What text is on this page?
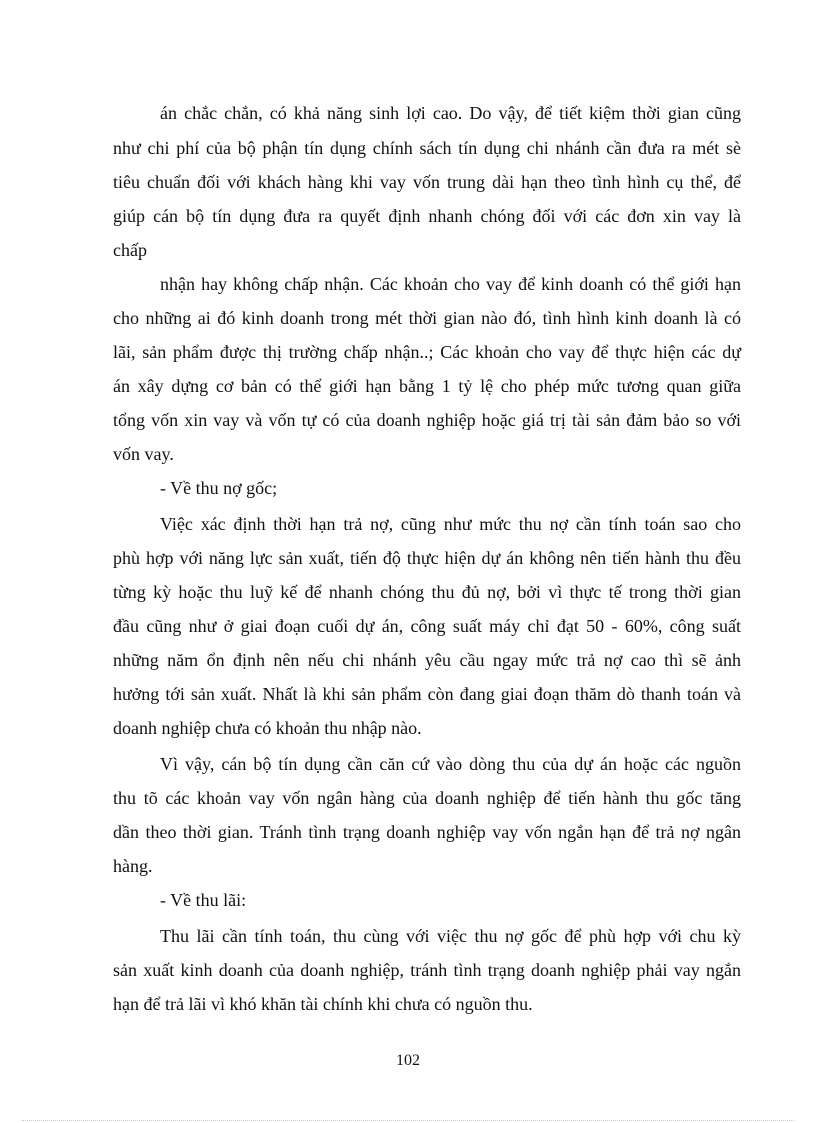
án chắc chắn, có khả năng sinh lợi cao. Do vậy, để tiết kiệm thời gian cũng
như chi phí của bộ phận tín dụng chính sách tín dụng chi nhánh cần đưa ra mét sè
tiêu chuẩn đối với khách hàng khi vay vốn trung dài hạn theo tình hình cụ thể, để
giúp cán bộ tín dụng đưa ra quyết định nhanh chóng đối với các đơn xin vay là
chấp
nhận hay không chấp nhận. Các khoản cho vay để kinh doanh có thể giới hạn
cho những ai đó kinh doanh trong mét thời gian nào đó, tình hình kinh doanh là có
lãi, sản phẩm được thị trường chấp nhận..; Các khoản cho vay để thực hiện các dự
án xây dựng cơ bản có thể giới hạn bằng 1 tỷ lệ cho phép mức tương quan giữa
tổng vốn xin vay và vốn tự có của doanh nghiệp hoặc giá trị tài sản đảm bảo so với
vốn vay.
- Về thu nợ gốc;
Việc xác định thời hạn trả nợ, cũng như mức thu nợ cần tính toán sao cho
phù hợp với năng lực sản xuất, tiến độ thực hiện dự án không nên tiến hành thu đều
từng kỳ hoặc thu luỹ kế để nhanh chóng thu đủ nợ, bởi vì thực tế trong thời gian
đầu cũng như ở giai đoạn cuối dự án, công suất máy chỉ đạt 50 - 60%, công suất
những năm ổn định nên nếu chi nhánh yêu cầu ngay mức trả nợ cao thì sẽ ảnh
hưởng tới sản xuất. Nhất là khi sản phẩm còn đang giai đoạn thăm dò thanh toán và
doanh nghiệp chưa có khoản thu nhập nào.
Vì vậy, cán bộ tín dụng cần căn cứ vào dòng thu của dự án hoặc các nguồn
thu tõ các khoản vay vốn ngân hàng của doanh nghiệp để tiến hành thu gốc tăng
dần theo thời gian. Tránh tình trạng doanh nghiệp vay vốn ngắn hạn để trả nợ ngân
hàng.
- Về thu lãi:
Thu lãi cần tính toán, thu cùng với việc thu nợ gốc để phù hợp với chu kỳ
sản xuất kinh doanh của doanh nghiệp, tránh tình trạng doanh nghiệp phải vay ngắn
hạn để trả lãi vì khó khăn tài chính khi chưa có nguồn thu.
102
